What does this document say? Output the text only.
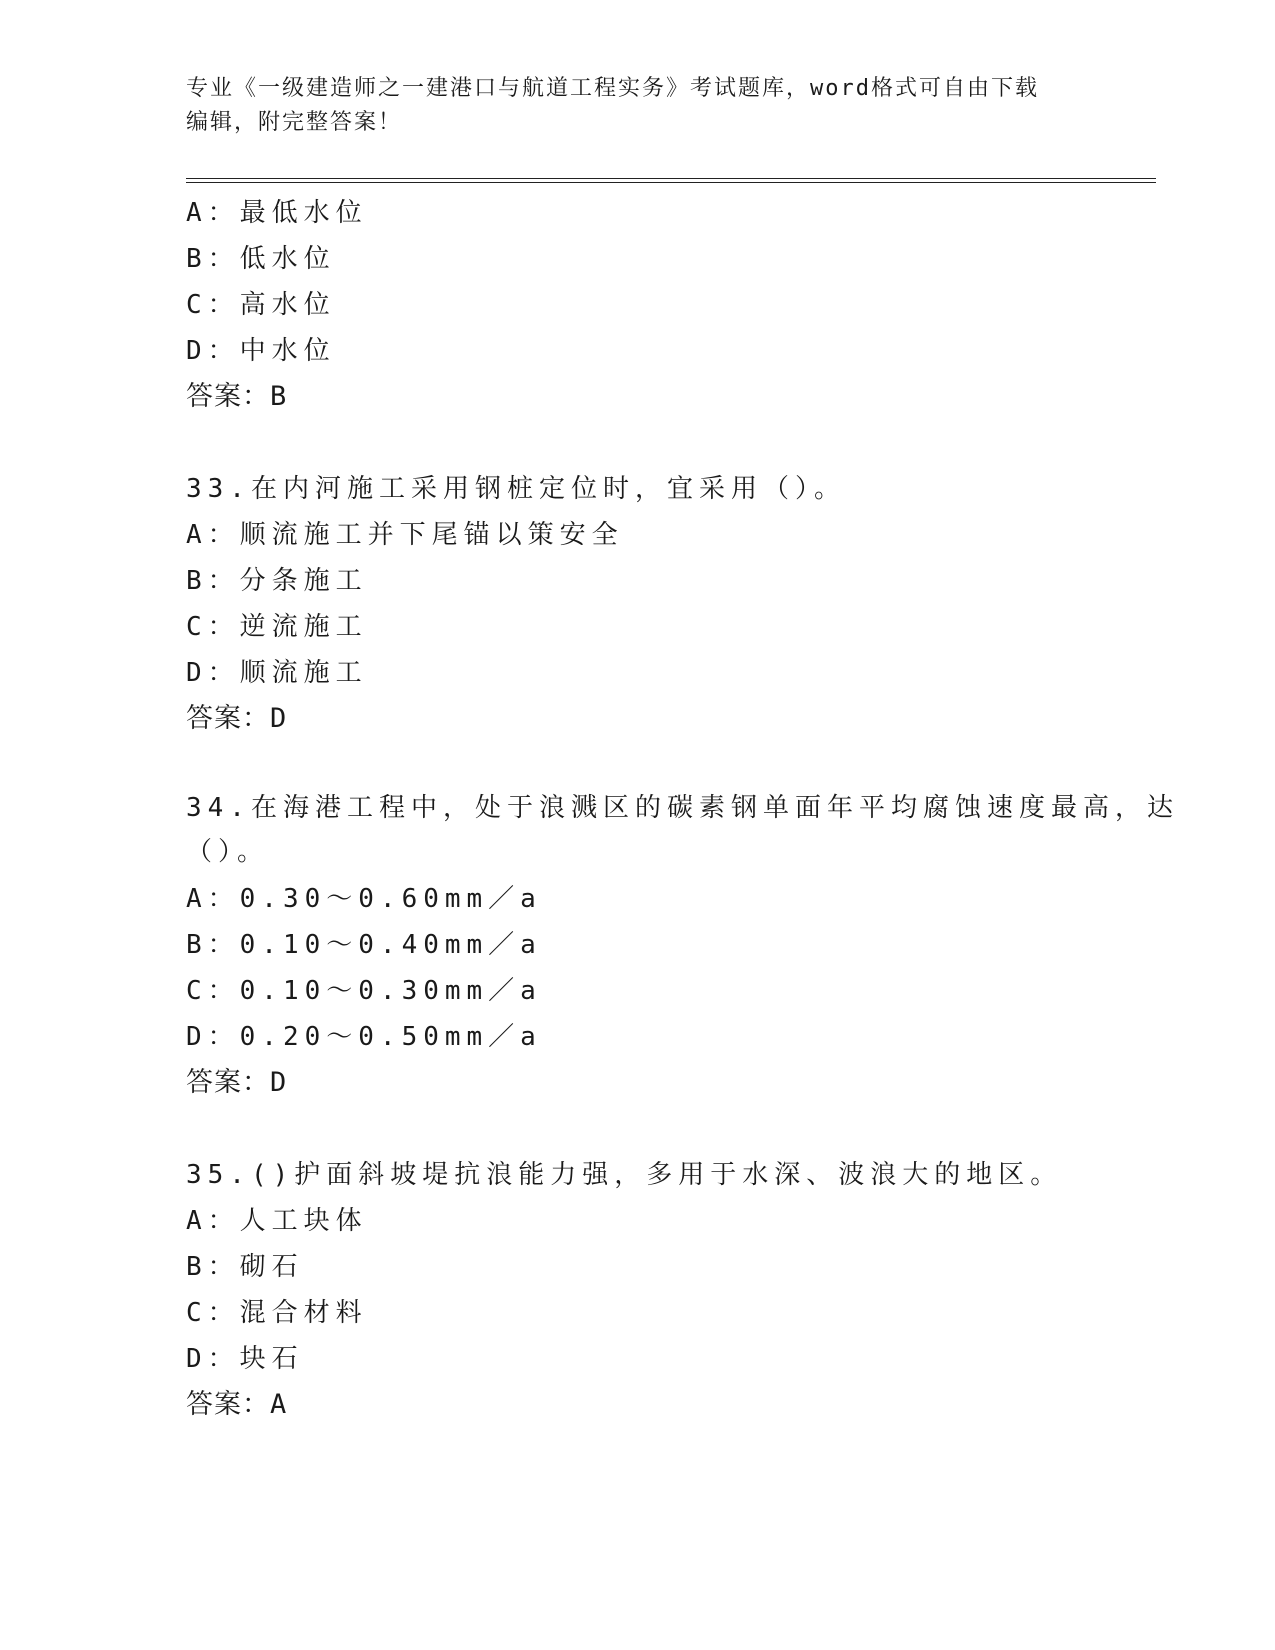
专业《一级建造师之一建港口与航道工程实务》考试题库，word格式可自由下载
编辑，附完整答案！
A：最低水位
B：低水位
C：高水位
D：中水位
答案：B
33.在内河施工采用钢桩定位时，宜采用（）。
A：顺流施工并下尾锚以策安全
B：分条施工
C：逆流施工
D：顺流施工
答案：D
34.在海港工程中，处于浪溅区的碳素钢单面年平均腐蚀速度最高，达
（）。
A：0.30～0.60mm／a
B：0.10～0.40mm／a
C：0.10～0.30mm／a
D：0.20～0.50mm／a
答案：D
35.()护面斜坡堤抗浪能力强，多用于水深、波浪大的地区。
A：人工块体
B：砌石
C：混合材料
D：块石
答案：A
